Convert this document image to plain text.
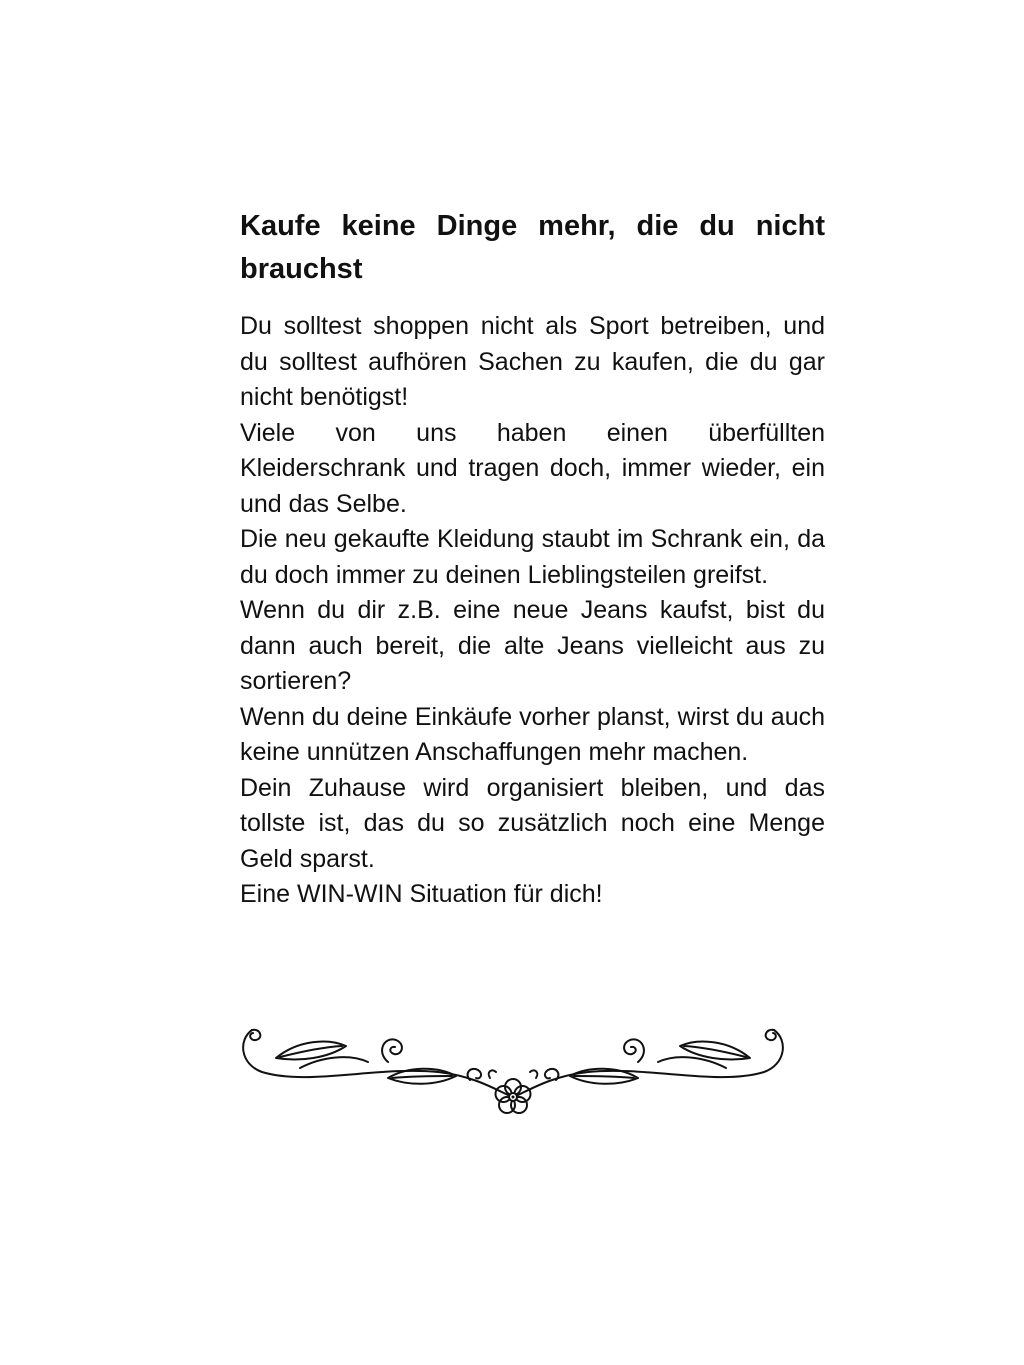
Kaufe keine Dinge mehr, die du nicht brauchst

Du solltest shoppen nicht als Sport betreiben, und du solltest aufhören Sachen zu kaufen, die du gar nicht benötigst!

Viele von uns haben einen überfüllten Kleiderschrank und tragen doch, immer wieder, ein und das Selbe.

Die neu gekaufte Kleidung staubt im Schrank ein, da du doch immer zu deinen Lieblingsteilen greifst.

Wenn du dir z.B. eine neue Jeans kaufst, bist du dann auch bereit, die alte Jeans vielleicht aus zu sortieren?

Wenn du deine Einkäufe vorher planst, wirst du auch keine unnützen Anschaffungen mehr machen.

Dein Zuhause wird organisiert bleiben, und das tollste ist, das du so zusätzlich noch eine Menge Geld sparst.

Eine WIN-WIN Situation für dich!
